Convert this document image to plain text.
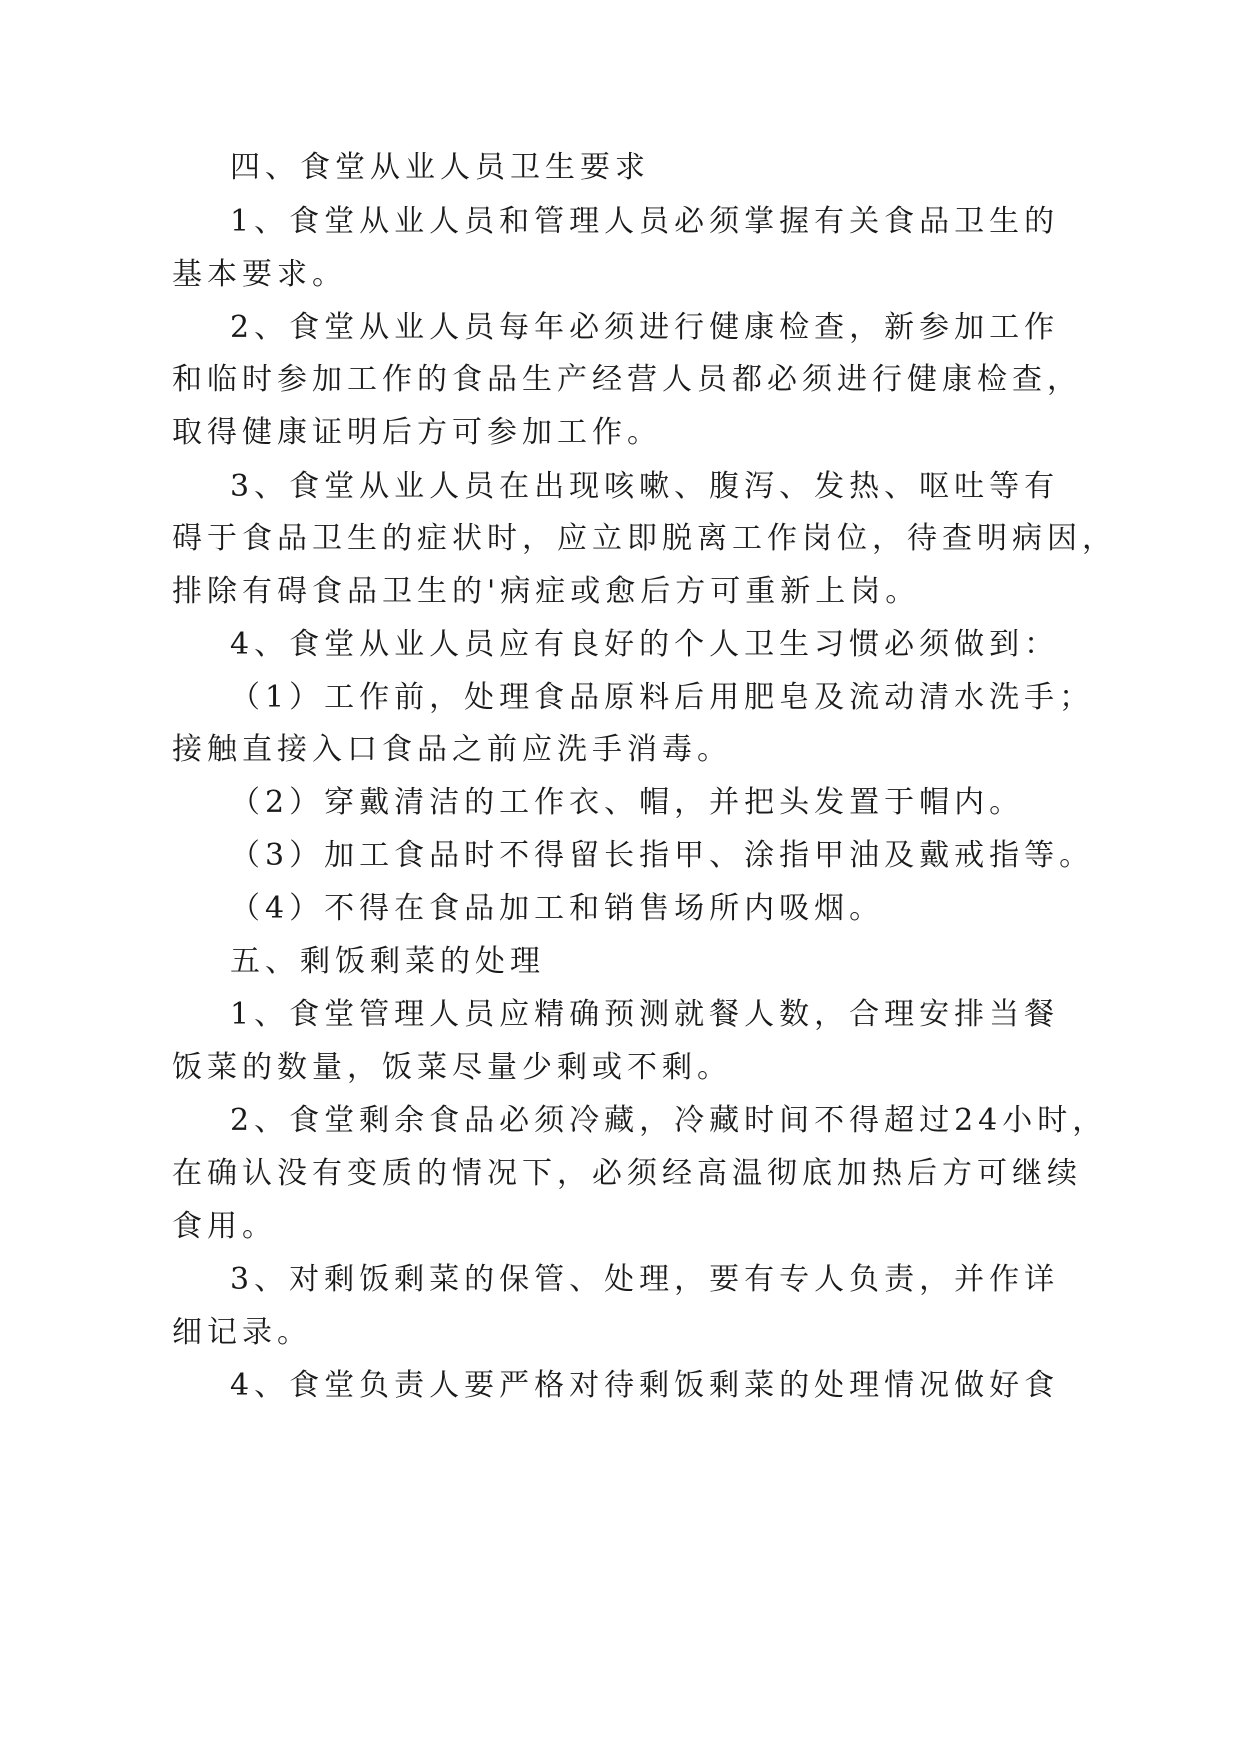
四、食堂从业人员卫生要求
1、食堂从业人员和管理人员必须掌握有关食品卫生的
基本要求。
2、食堂从业人员每年必须进行健康检查，新参加工作
和临时参加工作的食品生产经营人员都必须进行健康检查，
取得健康证明后方可参加工作。
3、食堂从业人员在出现咳嗽、腹泻、发热、呕吐等有
碍于食品卫生的症状时，应立即脱离工作岗位，待查明病因，
排除有碍食品卫生的'病症或愈后方可重新上岗。
4、食堂从业人员应有良好的个人卫生习惯必须做到：
（1）工作前，处理食品原料后用肥皂及流动清水洗手；
接触直接入口食品之前应洗手消毒。
（2）穿戴清洁的工作衣、帽，并把头发置于帽内。
（3）加工食品时不得留长指甲、涂指甲油及戴戒指等。
（4）不得在食品加工和销售场所内吸烟。
五、剩饭剩菜的处理
1、食堂管理人员应精确预测就餐人数，合理安排当餐
饭菜的数量，饭菜尽量少剩或不剩。
2、食堂剩余食品必须冷藏，冷藏时间不得超过24小时，
在确认没有变质的情况下，必须经高温彻底加热后方可继续
食用。
3、对剩饭剩菜的保管、处理，要有专人负责，并作详
细记录。
4、食堂负责人要严格对待剩饭剩菜的处理情况做好食
